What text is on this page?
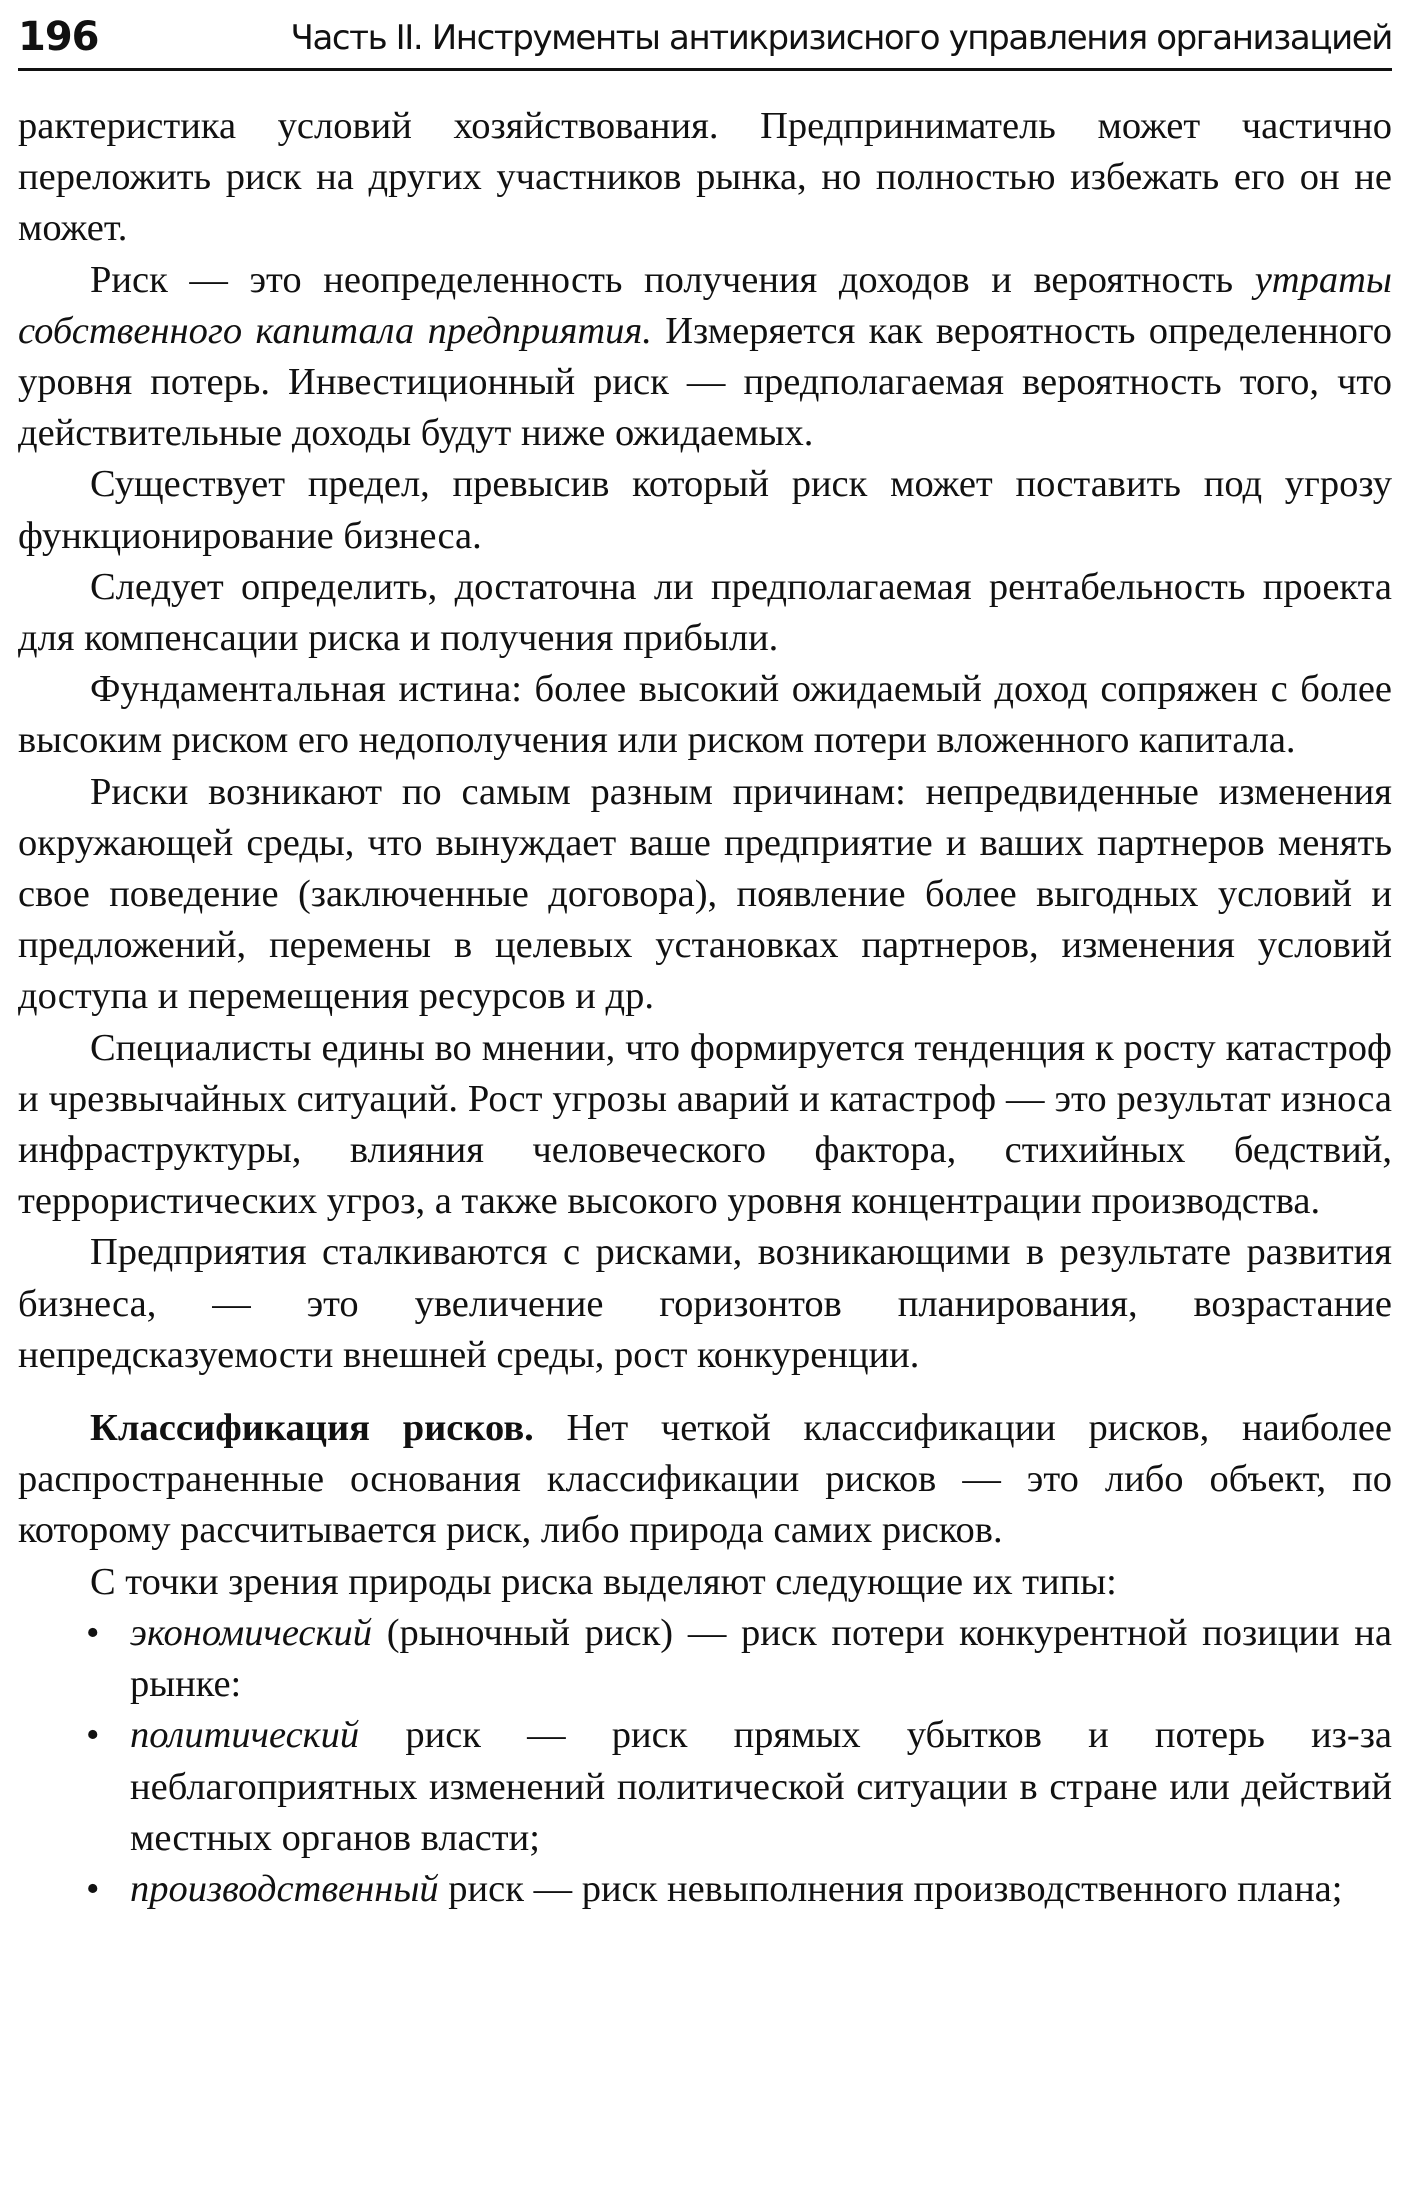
196	Часть II. Инструменты антикризисного управления организацией

рактеристика условий хозяйствования. Предприниматель может частично переложить риск на других участников рынка, но полностью избежать его он не может.

Риск — это неопределенность получения доходов и вероятность утраты собственного капитала предприятия. Измеряется как вероятность определенного уровня потерь. Инвестиционный риск — предполагаемая вероятность того, что действительные доходы будут ниже ожидаемых.

Существует предел, превысив который риск может поставить под угрозу функционирование бизнеса.

Следует определить, достаточна ли предполагаемая рентабельность проекта для компенсации риска и получения прибыли.

Фундаментальная истина: более высокий ожидаемый доход сопряжен с более высоким риском его недополучения или риском потери вложенного капитала.

Риски возникают по самым разным причинам: непредвиденные изменения окружающей среды, что вынуждает ваше предприятие и ваших партнеров менять свое поведение (заключенные договора), появление более выгодных условий и предложений, перемены в целевых установках партнеров, изменения условий доступа и перемещения ресурсов и др.

Специалисты едины во мнении, что формируется тенденция к росту катастроф и чрезвычайных ситуаций. Рост угрозы аварий и катастроф — это результат износа инфраструктуры, влияния человеческого фактора, стихийных бедствий, террористических угроз, а также высокого уровня концентрации производства.

Предприятия сталкиваются с рисками, возникающими в результате развития бизнеса, — это увеличение горизонтов планирования, возрастание непредсказуемости внешней среды, рост конкуренции.

Классификация рисков. Нет четкой классификации рисков, наиболее распространенные основания классификации рисков — это либо объект, по которому рассчитывается риск, либо природа самих рисков.

С точки зрения природы риска выделяют следующие их типы:

• экономический (рыночный риск) — риск потери конкурентной позиции на рынке:
• политический риск — риск прямых убытков и потерь из-за неблагоприятных изменений политической ситуации в стране или действий местных органов власти;
• производственный риск — риск невыполнения производственного плана;
